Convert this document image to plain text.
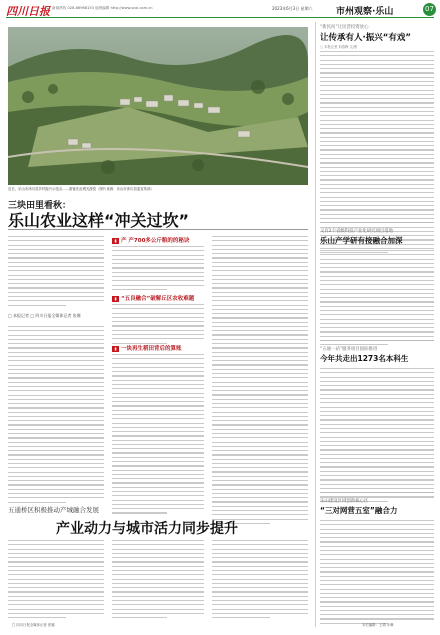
四川日报 新闻热线 028-86968153 值班编辑 http://www.scol.com.cn	2023年6月3日 星期六	市州观察·乐山	07
近日，乐山市沐川县乡村振兴示范点……游客在此观光游览（图片来源：乐山市沐川县委宣传部）
三块田里看秋：
乐山农业这样“冲关过坎”
□ 本报记者 □ 四川日报全媒体记者 张娜
▮ 产 产700多公斤粮的的秘诀
▮ “五良融合”破解丘区农收难题
▮ 一块再生稻田背后的算账
五通桥区积极推动产城融合发展
产业动力与城市活力同步提升
□ 四川日报全媒体记者 张娜
“新民问”让民营投资放心
让传承有人·振兴“有戏”
□ 本报记者 刘春梅 文/图
又有2个省级科技产业化研究项目落地
乐山产学研有接融合加深
“五通一站”服务项目国际推进
今年共走出1273名本科生
乐山建设区域创新核心区
“三对网营五室”融合力
本栏编辑：王婧 车琳
